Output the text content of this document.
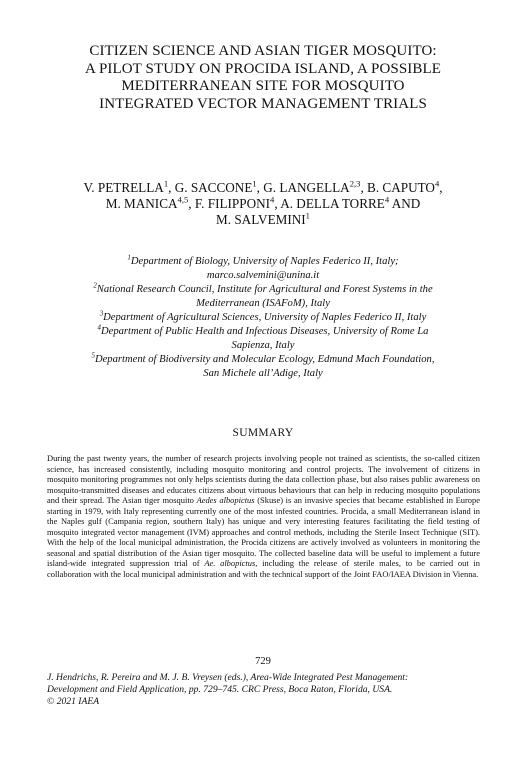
CITIZEN SCIENCE AND ASIAN TIGER MOSQUITO:
A PILOT STUDY ON PROCIDA ISLAND, A POSSIBLE
MEDITERRANEAN SITE FOR MOSQUITO
INTEGRATED VECTOR MANAGEMENT TRIALS
V. PETRELLA$^1$, G. SACCONE$^1$, G. LANGELLA$^{2,3}$, B. CAPUTO$^4$,
M. MANICA$^{4,5}$, F. FILIPPONI$^4$, A. DELLA TORRE$^4$ AND
M. SALVEMINI$^1$
$^1$Department of Biology, University of Naples Federico II, Italy;
marco.salvemini@unina.it
$^2$National Research Council, Institute for Agricultural and Forest Systems in the
Mediterranean (ISAFoM), Italy
$^3$Department of Agricultural Sciences, University of Naples Federico II, Italy
$^4$Department of Public Health and Infectious Diseases, University of Rome La
Sapienza, Italy
$^5$Department of Biodiversity and Molecular Ecology, Edmund Mach Foundation,
San Michele all’Adige, Italy
SUMMARY
During the past twenty years, the number of research projects involving people not trained as scientists, the so-called citizen science, has increased consistently, including mosquito monitoring and control projects. The involvement of citizens in mosquito monitoring programmes not only helps scientists during the data collection phase, but also raises public awareness on mosquito-transmitted diseases and educates citizens about virtuous behaviours that can help in reducing mosquito populations and their spread. The Asian tiger mosquito Aedes albopictus (Skuse) is an invasive species that became established in Europe starting in 1979, with Italy representing currently one of the most infested countries. Procida, a small Mediterranean island in the Naples gulf (Campania region, southern Italy) has unique and very interesting features facilitating the field testing of mosquito integrated vector management (IVM) approaches and control methods, including the Sterile Insect Technique (SIT). With the help of the local municipal administration, the Procida citizens are actively involved as volunteers in monitoring the seasonal and spatial distribution of the Asian tiger mosquito. The collected baseline data will be useful to implement a future island-wide integrated suppression trial of Ae. albopictus, including the release of sterile males, to be carried out in collaboration with the local municipal administration and with the technical support of the Joint FAO/IAEA Division in Vienna.
729
J. Hendrichs, R. Pereira and M. J. B. Vreysen (eds.), Area-Wide Integrated Pest Management:
Development and Field Application, pp. 729–745. CRC Press, Boca Raton, Florida, USA.
© 2021 IAEA
